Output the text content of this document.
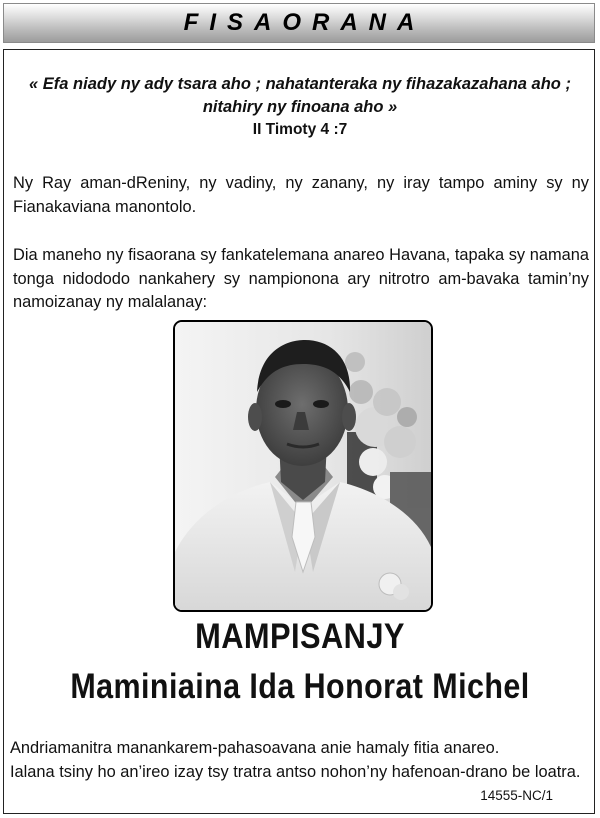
FISAORANA
« Efa niady ny ady tsara aho ; nahatanteraka ny fihazakazahana aho ; nitahiry ny finoana aho »
II Timoty 4 :7
Ny Ray aman-dReniny, ny vadiny, ny zanany, ny iray tampo aminy sy ny Fianakaviana manontolo.
Dia maneho ny fisaorana sy fankatelemana anareo Havana, tapaka sy namana tonga nidododo nankahery sy nampionona ary nitrotro am-bavaka tamin’ny namoizanay ny malalanay:
MAMPISANJY
Maminiaina Ida Honorat Michel
Andriamanitra manankarem-pahasoavana anie hamaly fitia anareo.
Ialana tsiny ho an’ireo izay tsy tratra antso nohon’ny hafenoan-drano be loatra.
14555-NC/1
